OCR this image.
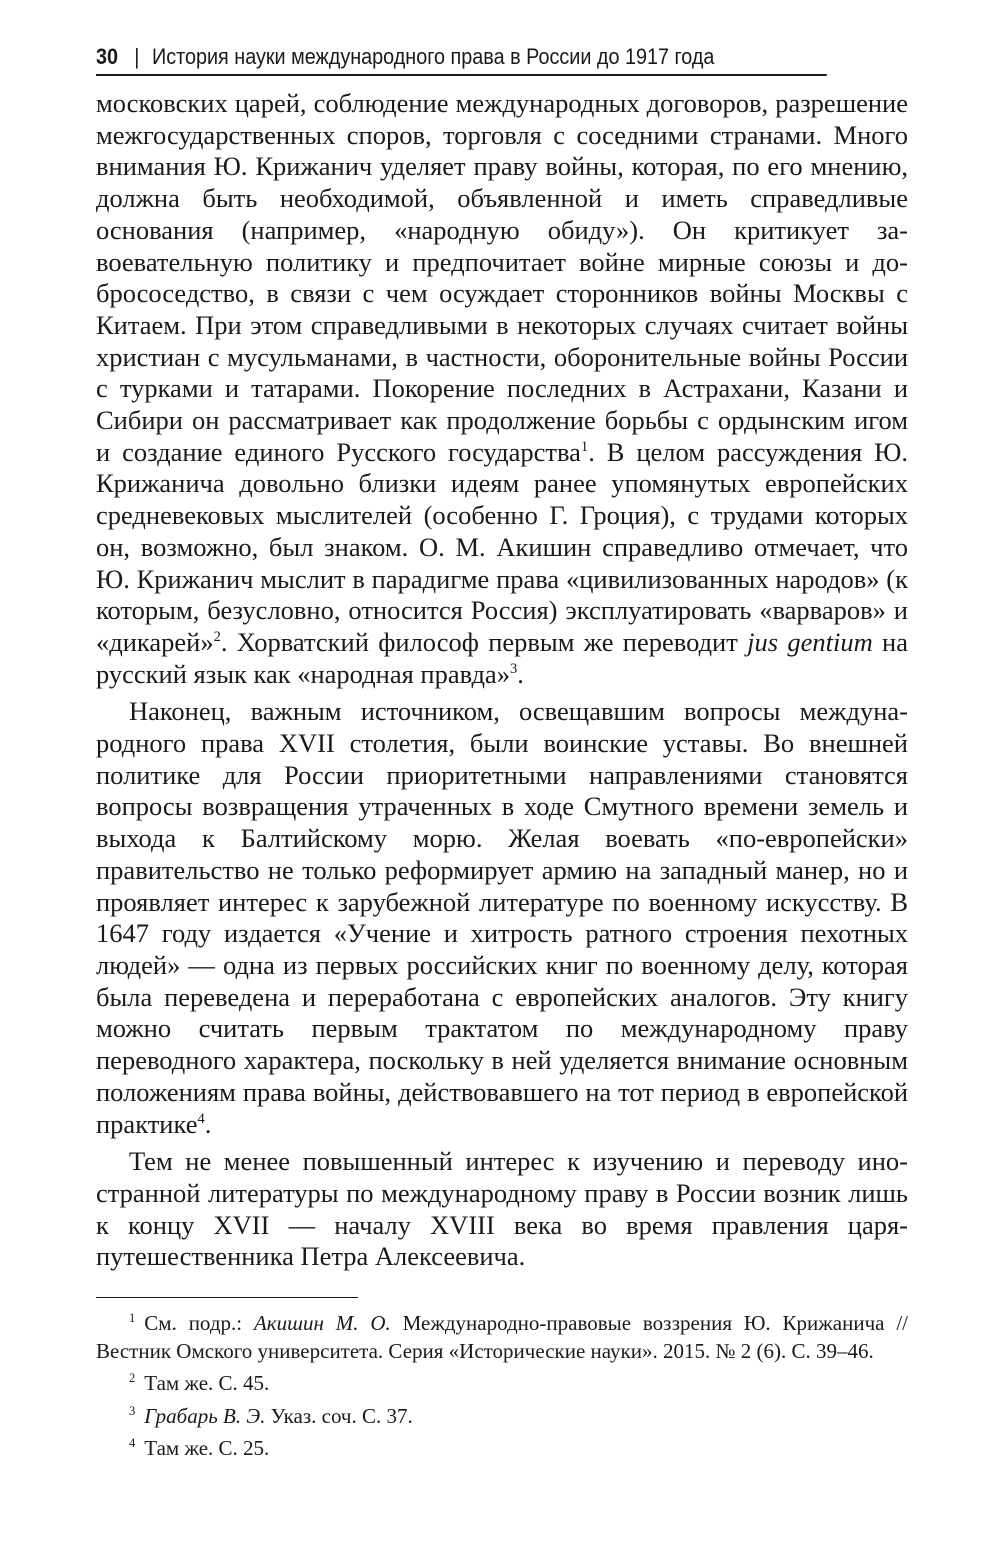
30 | История науки международного права в России до 1917 года

московских царей, соблюдение международных договоров, разрешение межгосударственных споров, торговля с соседними странами. Много внимания Ю. Крижанич уделяет праву войны, которая, по его мнению, должна быть необходимой, объявленной и иметь справедливые основания (например, «народную обиду»). Он критикует завоевательную политику и предпочитает войне мирные союзы и добрососедство, в связи с чем осуждает сторонников войны Москвы с Китаем. При этом справедливыми в некоторых случаях считает войны христиан с мусульманами, в частности, оборонительные войны России с турками и татарами. Покорение последних в Астрахани, Казани и Сибири он рассматривает как продолжение борьбы с ордынским игом и создание единого Русского государства$^1$. В целом рассуждения Ю. Крижанича довольно близки идеям ранее упомянутых европейских средневековых мыслителей (особенно Г. Гроция), с трудами которых он, возможно, был знаком. О. М. Акишин справедливо отмечает, что Ю. Крижанич мыслит в парадигме права «цивилизованных народов» (к которым, безусловно, относится Россия) эксплуатировать «варваров» и «дикарей»$^2$. Хорватский философ первым же переводит jus gentium на русский язык как «народная правда»$^3$.

Наконец, важным источником, освещавшим вопросы международного права XVII столетия, были воинские уставы. Во внешней политике для России приоритетными направлениями становятся вопросы возвращения утраченных в ходе Смутного времени земель и выхода к Балтийскому морю. Желая воевать «по-европейски» правительство не только реформирует армию на западный манер, но и проявляет интерес к зарубежной литературе по военному искусству. В 1647 году издается «Учение и хитрость ратного строения пехотных людей» — одна из первых российских книг по военному делу, которая была переведена и переработана с европейских аналогов. Эту книгу можно считать первым трактатом по международному праву переводного характера, поскольку в ней уделяется внимание основным положениям права войны, действовавшего на тот период в европейской практике$^4$.

Тем не менее повышенный интерес к изучению и переводу иностранной литературы по международному праву в России возник лишь к концу XVII — началу XVIII века во время правления царя-путешественника Петра Алексеевича.

$^1$ См. подр.: Акишин М. О. Международно-правовые воззрения Ю. Крижанича // Вестник Омского университета. Серия «Исторические науки». 2015. № 2 (6). С. 39–46.

$^2$ Там же. С. 45.

$^3$ Грабарь В. Э. Указ. соч. С. 37.

$^4$ Там же. С. 25.
